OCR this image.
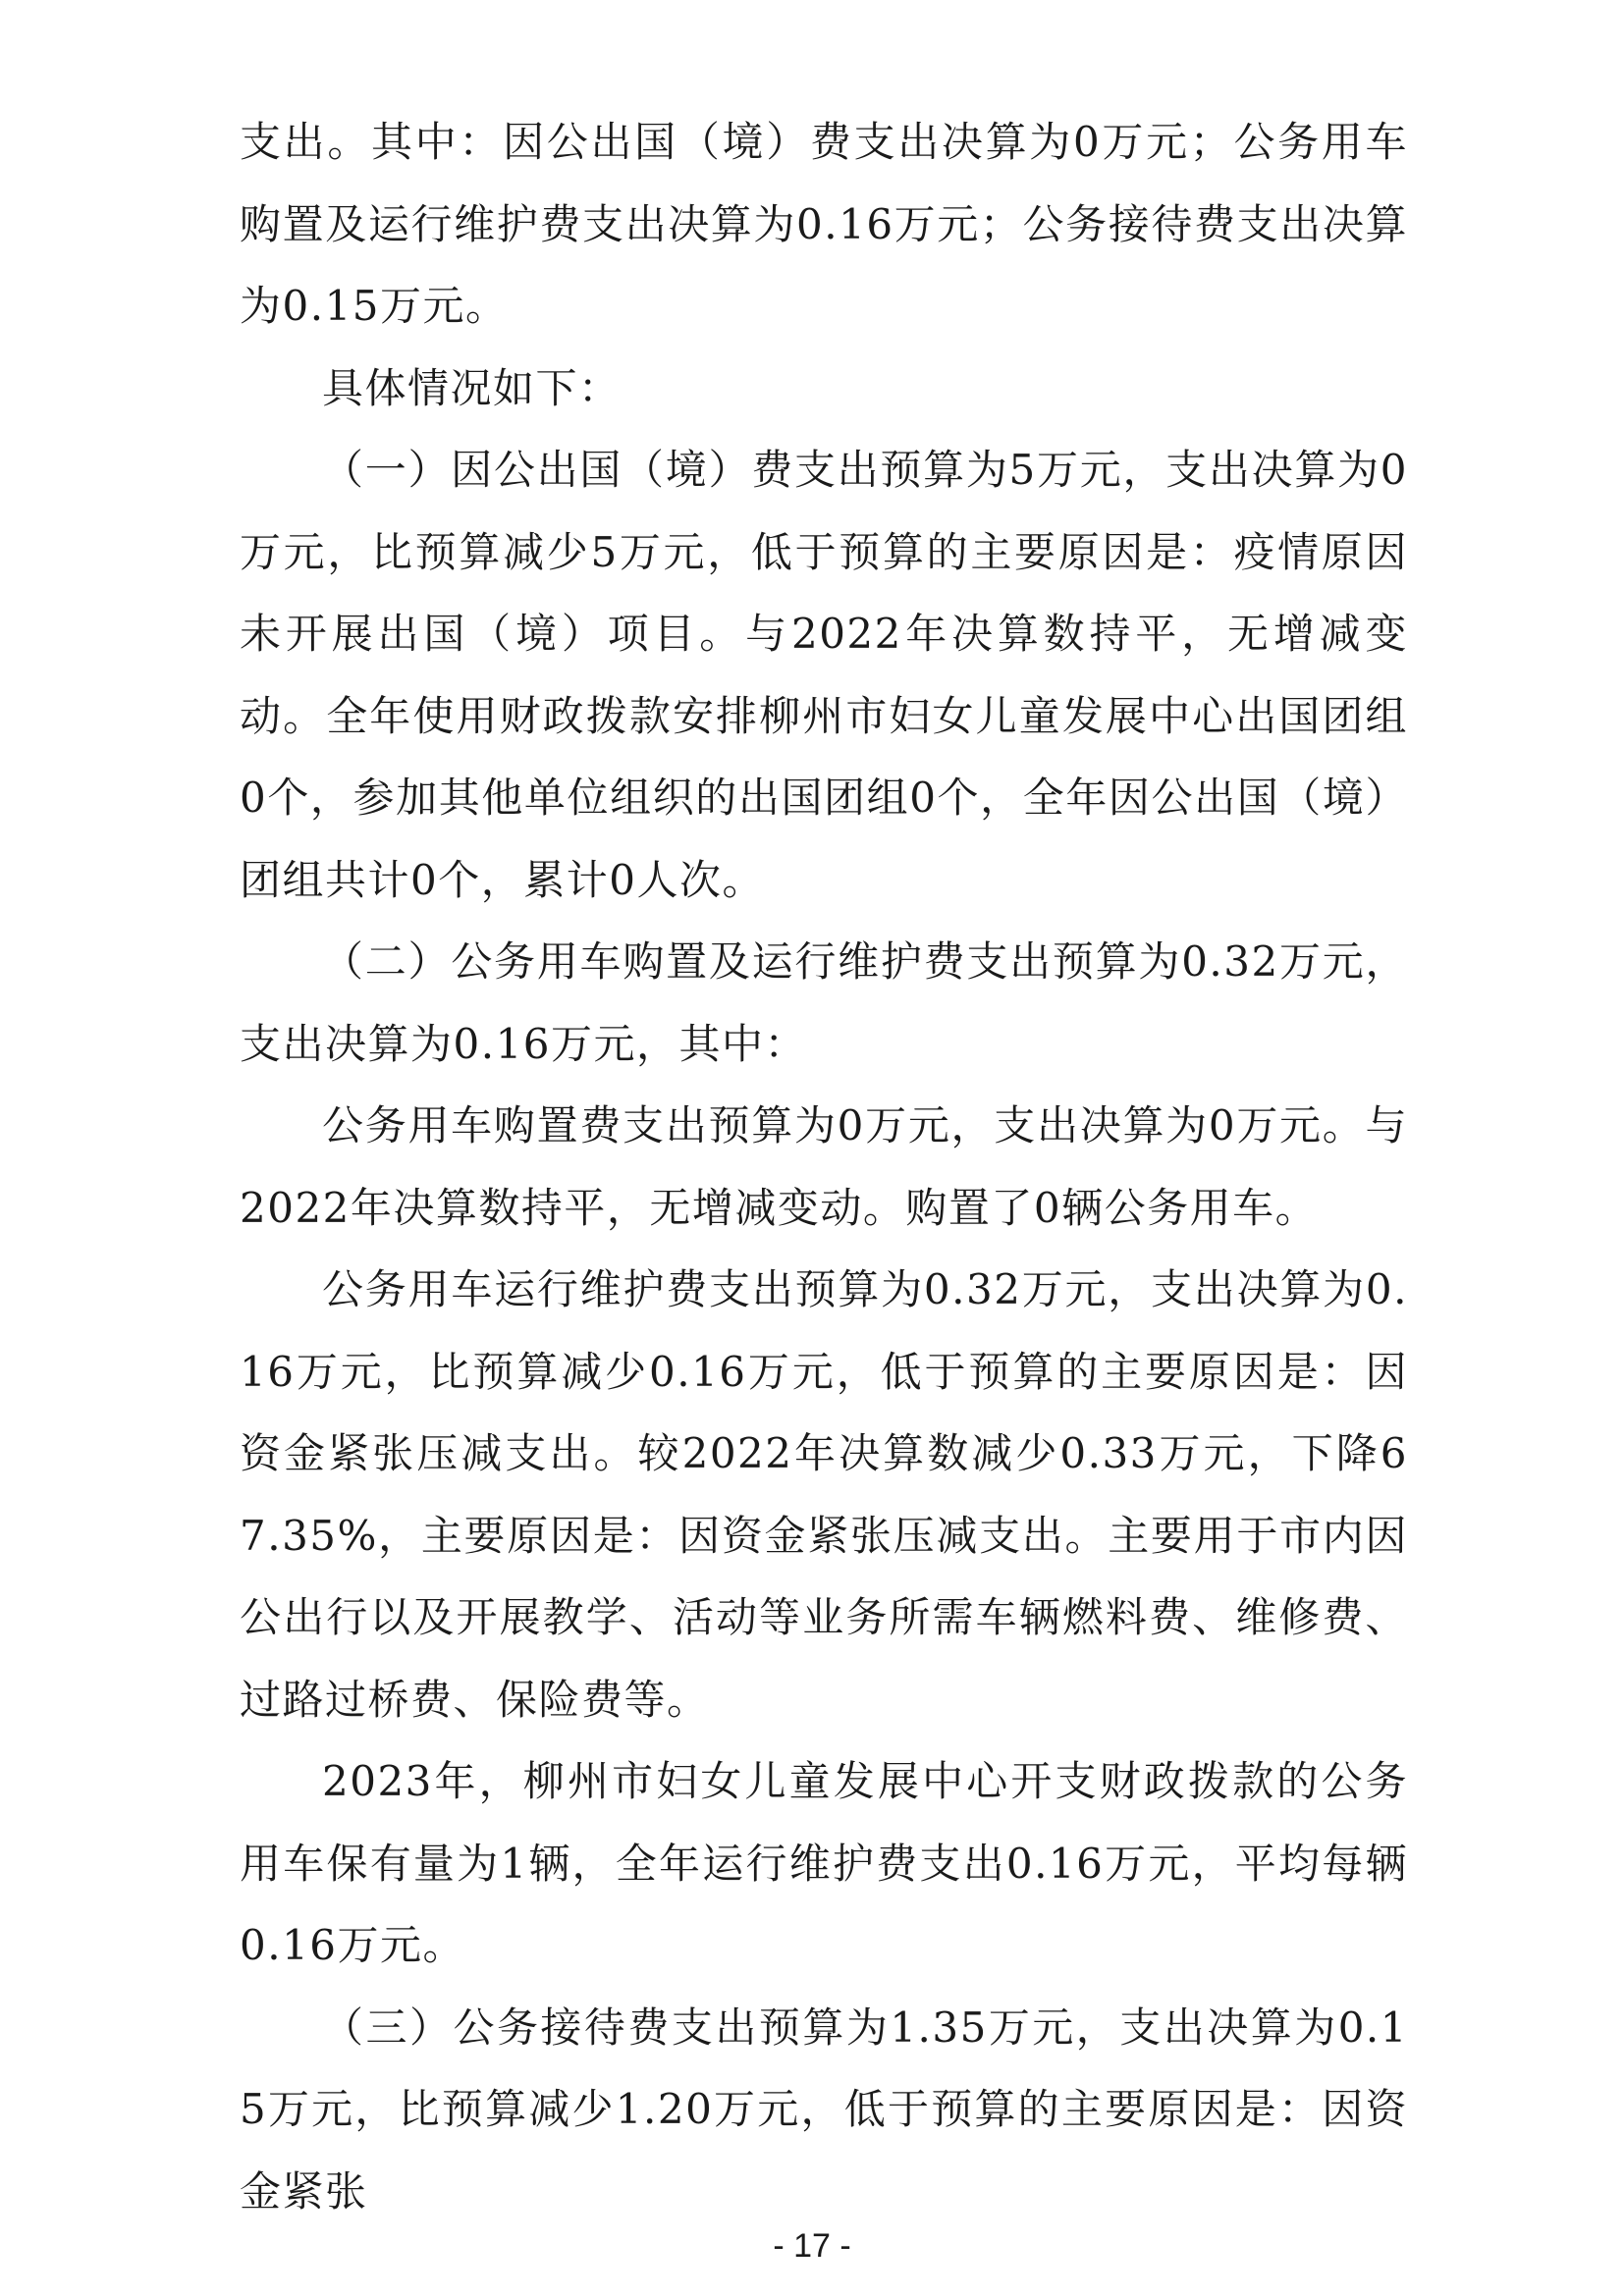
支出。其中：因公出国（境）费支出决算为0万元；公务用车购置及运行维护费支出决算为0.16万元；公务接待费支出决算为0.15万元。

具体情况如下：

（一）因公出国（境）费支出预算为5万元，支出决算为0万元，比预算减少5万元，低于预算的主要原因是：疫情原因未开展出国（境）项目。与2022年决算数持平，无增减变动。全年使用财政拨款安排柳州市妇女儿童发展中心出国团组0个，参加其他单位组织的出国团组0个，全年因公出国（境）团组共计0个，累计0人次。

（二）公务用车购置及运行维护费支出预算为0.32万元，支出决算为0.16万元，其中：

公务用车购置费支出预算为0万元，支出决算为0万元。与2022年决算数持平，无增减变动。购置了0辆公务用车。

公务用车运行维护费支出预算为0.32万元，支出决算为0.16万元，比预算减少0.16万元，低于预算的主要原因是：因资金紧张压减支出。较2022年决算数减少0.33万元，下降67.35%，主要原因是：因资金紧张压减支出。主要用于市内因公出行以及开展教学、活动等业务所需车辆燃料费、维修费、过路过桥费、保险费等。

2023年，柳州市妇女儿童发展中心开支财政拨款的公务用车保有量为1辆，全年运行维护费支出0.16万元，平均每辆0.16万元。

（三）公务接待费支出预算为1.35万元，支出决算为0.15万元，比预算减少1.20万元，低于预算的主要原因是：因资金紧张

- 17 -
